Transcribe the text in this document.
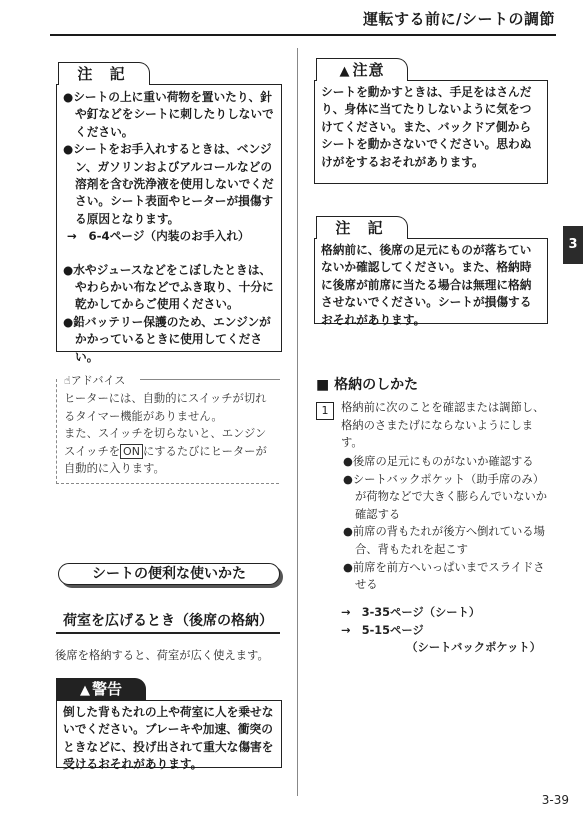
運転する前に/シートの調節
注 記
●シートの上に重い荷物を置いたり、針や釘などをシートに刺したりしないでください。
●シートをお手入れするときは、ベンジン、ガソリンおよびアルコールなどの溶剤を含む洗浄液を使用しないでください。シート表面やヒーターが損傷する原因となります。
→　6-4ページ（内装のお手入れ）
●水やジュースなどをこぼしたときは、やわらかい布などでふき取り、十分に乾かしてからご使用ください。
●鉛バッテリー保護のため、エンジンがかかっているときに使用してください。
☝アドバイス
ヒーターには、自動的にスイッチが切れるタイマー機能がありません。
また、スイッチを切らないと、エンジンスイッチを ON にするたびにヒーターが自動的に入ります。
シートの便利な使いかた
荷室を広げるとき（後席の格納）
後席を格納すると、荷室が広く使えます。
▲ 警告
倒した背もたれの上や荷室に人を乗せないでください。ブレーキや加速、衝突のときなどに、投げ出されて重大な傷害を受けるおそれがあります。
▲ 注意
シートを動かすときは、手足をはさんだり、身体に当てたりしないように気をつけてください。また、バックドア側からシートを動かさないでください。思わぬけがをするおそれがあります。
注 記
格納前に、後席の足元にものが落ちていないか確認してください。また、格納時に後席が前席に当たる場合は無理に格納させないでください。シートが損傷するおそれがあります。
■ 格納のしかた
1	格納前に次のことを確認または調節し、格納のさまたげにならないようにします。
●後席の足元にものがないか確認する
●シートバックポケット（助手席のみ）が荷物などで大きく膨らんでいないか確認する
●前席の背もたれが後方へ倒れている場合、背もたれを起こす
●前席を前方へいっぱいまでスライドさせる
→　3-35ページ（シート）
→　5-15ページ
（シートバックポケット）
3
3-39
